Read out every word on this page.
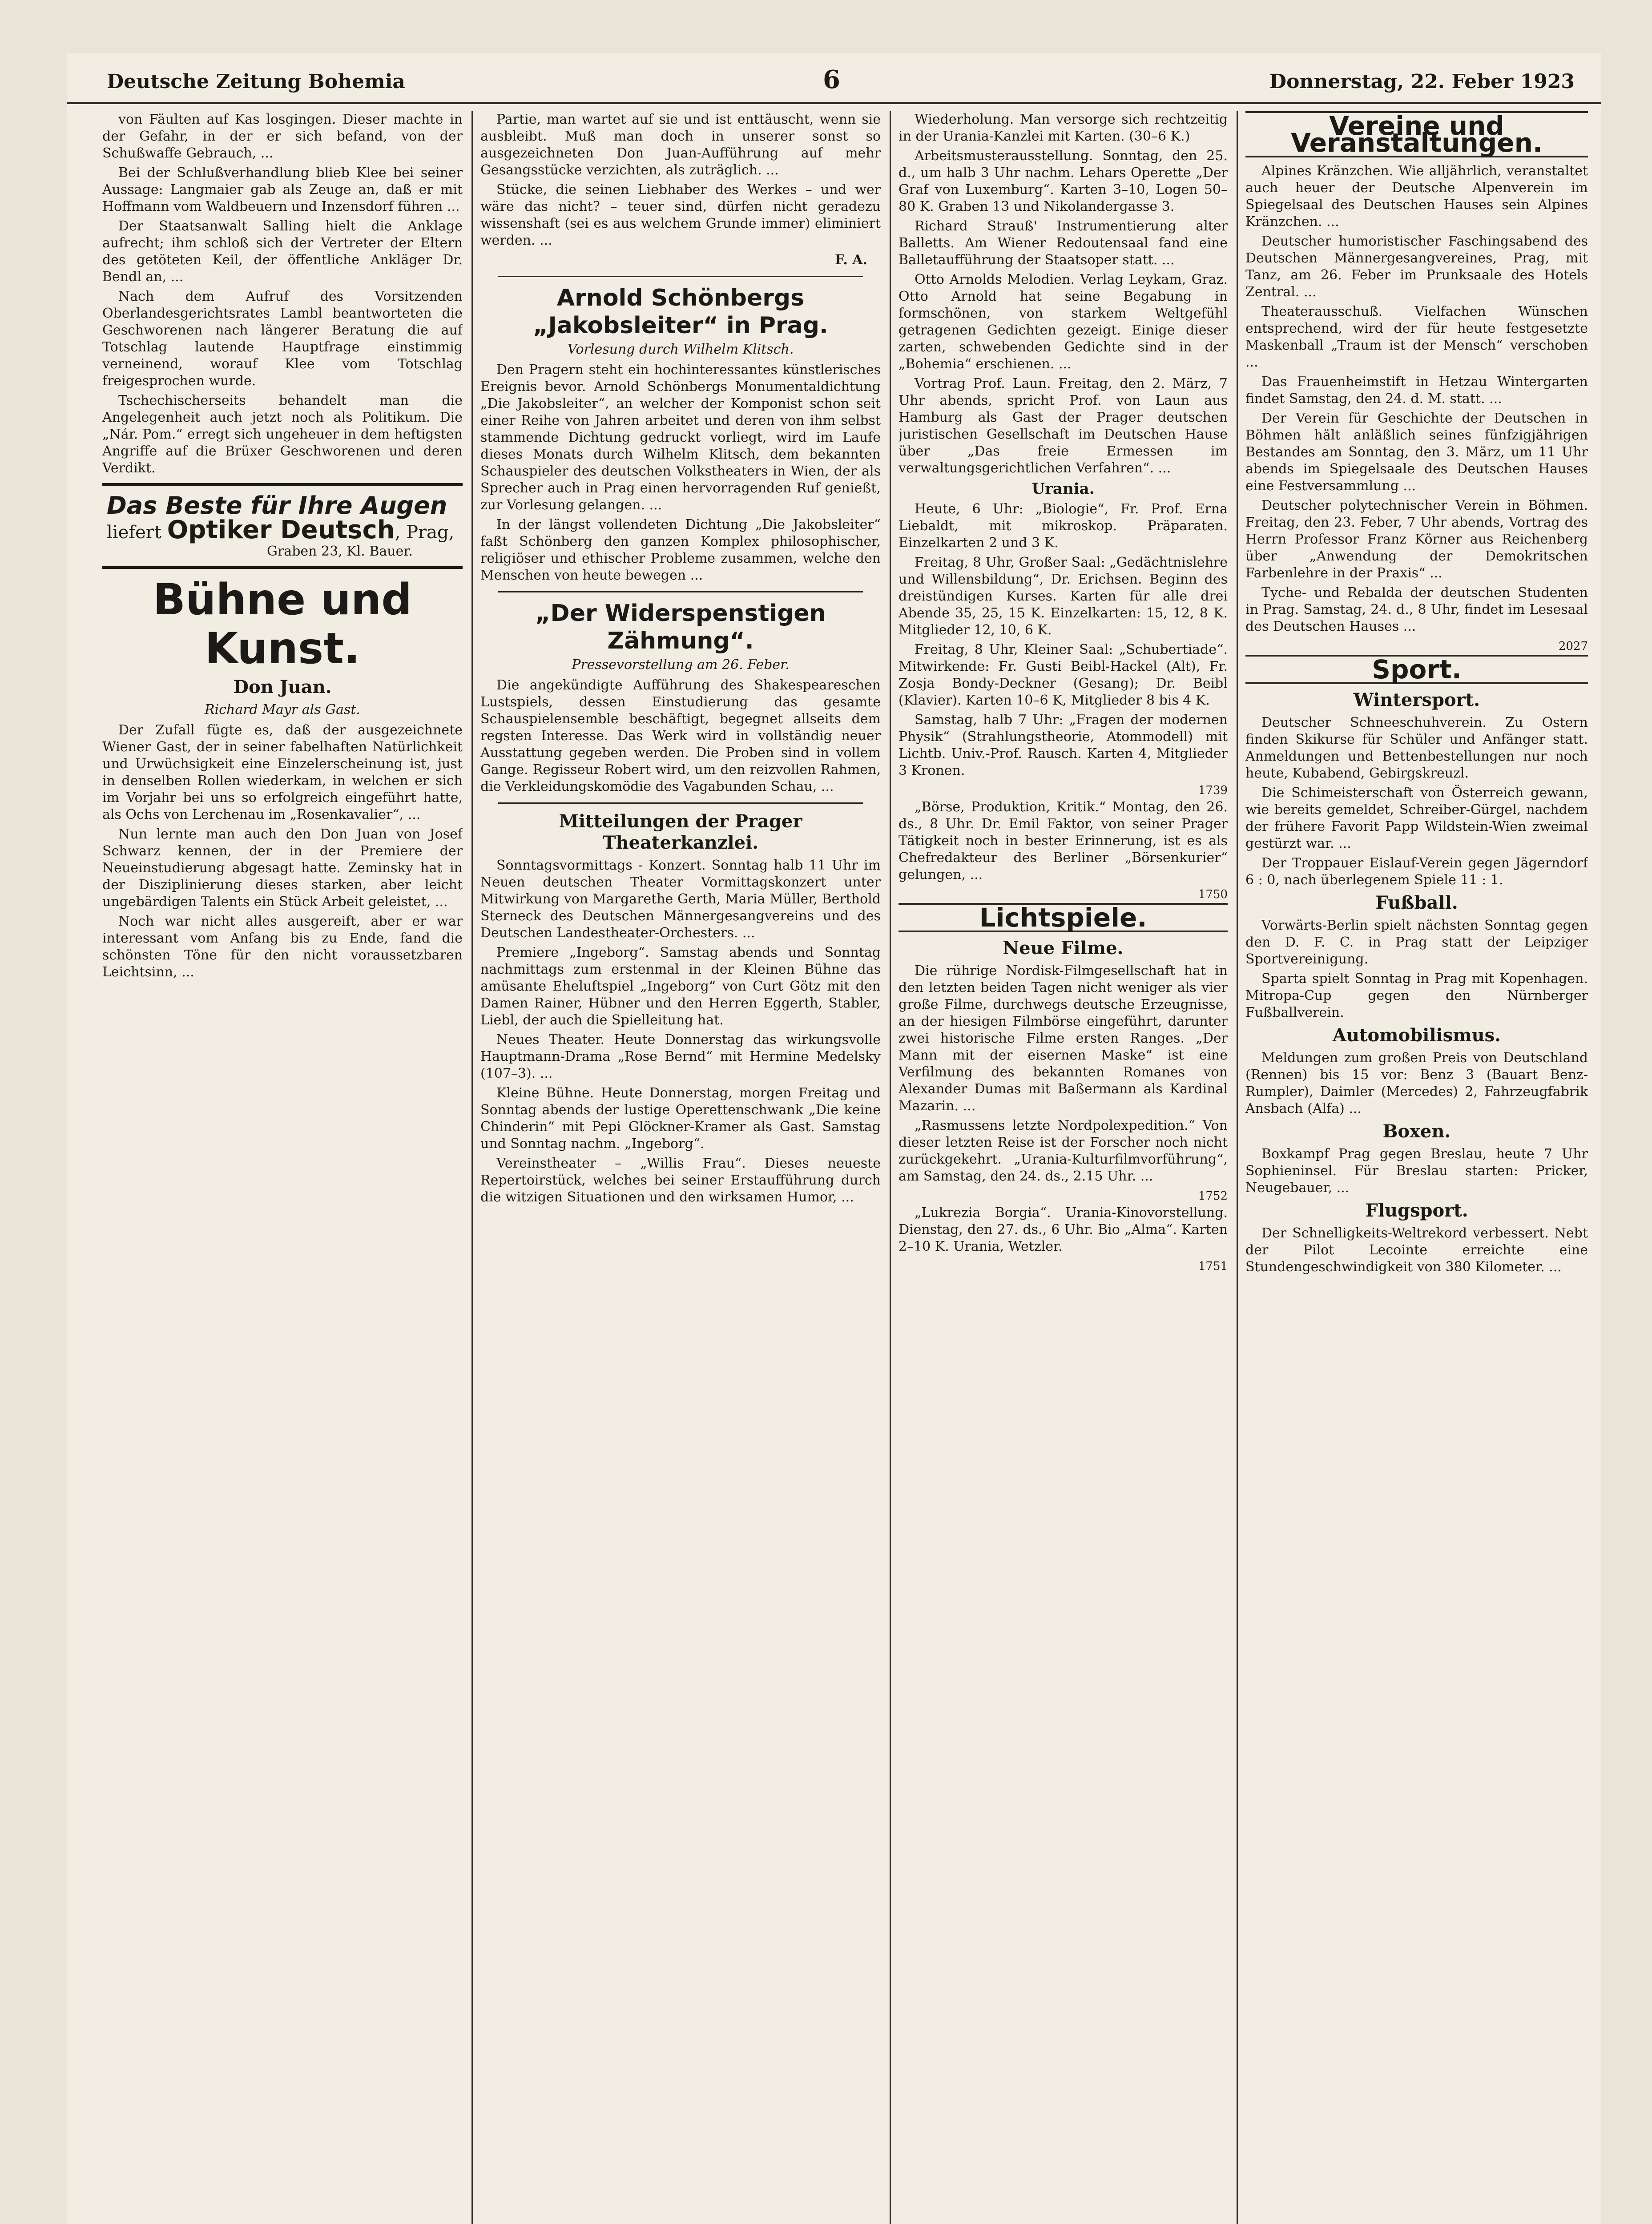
Deutsche Zeitung Bohemia	6	Donnerstag, 22. Feber 1923

von Fäulten auf Kas losgingen. Dieser machte in der Gefahr, in der er sich befand, von der Schußwaffe Gebrauch, ...

Bei der Schlußverhandlung blieb Klee bei seiner Aussage: Langmaier gab als Zeuge an, daß er mit Hoffmann vom Waldbeuern und Inzensdorf führen ...

Der Staatsanwalt Salling hielt die Anklage aufrecht; ihm schloß sich der Vertreter der Eltern des getöteten Keil, der öffentliche Ankläger Dr. Bendl an, ...

Nach dem Aufruf des Vorsitzenden Oberlandesgerichtsrates Lambl beantworteten die Geschworenen nach längerer Beratung die auf Totschlag lautende Hauptfrage einstimmig verneinend, worauf Klee vom Totschlag freigesprochen wurde.

Tschechischerseits behandelt man die Angelegenheit auch jetzt noch als Politikum. Die „Nár. Pom.“ erregt sich ungeheuer in dem heftigsten Angriffe auf die Brüxer Geschworenen und deren Verdikt.

Das Beste für Ihre Augen
liefert Optiker Deutsch, Prag,
Graben 23, Kl. Bauer.
Bühne und Kunst.
Don Juan.
Richard Mayr als Gast.

Der Zufall fügte es, daß der ausgezeichnete Wiener Gast, der in seiner fabelhaften Natürlichkeit und Urwüchsigkeit eine Einzelerscheinung ist, just in denselben Rollen wiederkam, in welchen er sich im Vorjahr bei uns so erfolgreich eingeführt hatte, als Ochs von Lerchenau im „Rosenkavalier“, ...

Nun lernte man auch den Don Juan von Josef Schwarz kennen, der in der Premiere der Neueinstudierung abgesagt hatte. Zeminsky hat in der Disziplinierung dieses starken, aber leicht ungebärdigen Talents ein Stück Arbeit geleistet, ...

Noch war nicht alles ausgereift, aber er war interessant vom Anfang bis zu Ende, fand die schönsten Töne für den nicht voraussetzbaren Leichtsinn, ...

Partie, man wartet auf sie und ist enttäuscht, wenn sie ausbleibt. Muß man doch in unserer sonst so ausgezeichneten Don Juan-Aufführung auf mehr Gesangsstücke verzichten, als zuträglich. ...

Stücke, die seinen Liebhaber des Werkes – und wer wäre das nicht? – teuer sind, dürfen nicht geradezu wissenshaft (sei es aus welchem Grunde immer) eliminiert werden. ...

F. A.
Arnold Schönbergs „Jakobsleiter“ in Prag.
Vorlesung durch Wilhelm Klitsch.

Den Pragern steht ein hochinteressantes künstlerisches Ereignis bevor. Arnold Schönbergs Monumentaldichtung „Die Jakobsleiter“, an welcher der Komponist schon seit einer Reihe von Jahren arbeitet und deren von ihm selbst stammende Dichtung gedruckt vorliegt, wird im Laufe dieses Monats durch Wilhelm Klitsch, dem bekannten Schauspieler des deutschen Volkstheaters in Wien, der als Sprecher auch in Prag einen hervorragenden Ruf genießt, zur Vorlesung gelangen. ...

In der längst vollendeten Dichtung „Die Jakobsleiter“ faßt Schönberg den ganzen Komplex philosophischer, religiöser und ethischer Probleme zusammen, welche den Menschen von heute bewegen ...

„Der Widerspenstigen Zähmung“.
Pressevorstellung am 26. Feber.

Die angekündigte Aufführung des Shakespeareschen Lustspiels, dessen Einstudierung das gesamte Schauspielensemble beschäftigt, begegnet allseits dem regsten Interesse. Das Werk wird in vollständig neuer Ausstattung gegeben werden. Die Proben sind in vollem Gange. Regisseur Robert wird, um den reizvollen Rahmen, die Verkleidungskomödie des Vagabunden Schau, ...

Mitteilungen der Prager Theaterkanzlei.

Sonntagsvormittags - Konzert. Sonntag halb 11 Uhr im Neuen deutschen Theater Vormittagskonzert unter Mitwirkung von Margarethe Gerth, Maria Müller, Berthold Sterneck des Deutschen Männergesangvereins und des Deutschen Landestheater-Orchesters. ...

Premiere „Ingeborg“. Samstag abends und Sonntag nachmittags zum erstenmal in der Kleinen Bühne das amüsante Eheluftspiel „Ingeborg“ von Curt Götz mit den Damen Rainer, Hübner und den Herren Eggerth, Stabler, Liebl, der auch die Spielleitung hat.

Neues Theater. Heute Donnerstag das wirkungsvolle Hauptmann-Drama „Rose Bernd“ mit Hermine Medelsky (107–3). ...

Kleine Bühne. Heute Donnerstag, morgen Freitag und Sonntag abends der lustige Operettenschwank „Die keine Chinderin“ mit Pepi Glöckner-Kramer als Gast. Samstag und Sonntag nachm. „Ingeborg“.

Vereinstheater – „Willis Frau“. Dieses neueste Repertoirstück, welches bei seiner Erstaufführung durch die witzigen Situationen und den wirksamen Humor, ...

Wiederholung. Man versorge sich rechtzeitig in der Urania-Kanzlei mit Karten. (30–6 K.)

Arbeitsmusterausstellung. Sonntag, den 25. d., um halb 3 Uhr nachm. Lehars Operette „Der Graf von Luxemburg“. Karten 3–10, Logen 50–80 K. Graben 13 und Nikolandergasse 3.

Richard Strauß' Instrumentierung alter Balletts. Am Wiener Redoutensaal fand eine Balletaufführung der Staatsoper statt. ...

Otto Arnolds Melodien. Verlag Leykam, Graz. Otto Arnold hat seine Begabung in formschönen, von starkem Weltgefühl getragenen Gedichten gezeigt. Einige dieser zarten, schwebenden Gedichte sind in der „Bohemia“ erschienen. ...

Vortrag Prof. Laun. Freitag, den 2. März, 7 Uhr abends, spricht Prof. von Laun aus Hamburg als Gast der Prager deutschen juristischen Gesellschaft im Deutschen Hause über „Das freie Ermessen im verwaltungsgerichtlichen Verfahren“. ...

Urania.

Heute, 6 Uhr: „Biologie“, Fr. Prof. Erna Liebaldt, mit mikroskop. Präparaten. Einzelkarten 2 und 3 K.

Freitag, 8 Uhr, Großer Saal: „Gedächtnislehre und Willensbildung“, Dr. Erichsen. Beginn des dreistündigen Kurses. Karten für alle drei Abende 35, 25, 15 K. Einzelkarten: 15, 12, 8 K. Mitglieder 12, 10, 6 K.

Freitag, 8 Uhr, Kleiner Saal: „Schubertiade“. Mitwirkende: Fr. Gusti Beibl-Hackel (Alt), Fr. Zosja Bondy-Deckner (Gesang); Dr. Beibl (Klavier). Karten 10–6 K, Mitglieder 8 bis 4 K.

Samstag, halb 7 Uhr: „Fragen der modernen Physik“ (Strahlungstheorie, Atommodell) mit Lichtb. Univ.-Prof. Rausch. Karten 4, Mitglieder 3 Kronen.

1739

„Börse, Produktion, Kritik.“ Montag, den 26. ds., 8 Uhr. Dr. Emil Faktor, von seiner Prager Tätigkeit noch in bester Erinnerung, ist es als Chefredakteur des Berliner „Börsenkurier“ gelungen, ...

1750
Lichtspiele.
Neue Filme.

Die rührige Nordisk-Filmgesellschaft hat in den letzten beiden Tagen nicht weniger als vier große Filme, durchwegs deutsche Erzeugnisse, an der hiesigen Filmbörse eingeführt, darunter zwei historische Filme ersten Ranges. „Der Mann mit der eisernen Maske“ ist eine Verfilmung des bekannten Romanes von Alexander Dumas mit Baßermann als Kardinal Mazarin. ...

„Rasmussens letzte Nordpolexpedition.“ Von dieser letzten Reise ist der Forscher noch nicht zurückgekehrt. „Urania-Kulturfilmvorführung“, am Samstag, den 24. ds., 2.15 Uhr. ...

1752

„Lukrezia Borgia“. Urania-Kinovorstellung. Dienstag, den 27. ds., 6 Uhr. Bio „Alma“. Karten 2–10 K. Urania, Wetzler.

1751
Vereine und Veranstaltungen.

Alpines Kränzchen. Wie alljährlich, veranstaltet auch heuer der Deutsche Alpenverein im Spiegelsaal des Deutschen Hauses sein Alpines Kränzchen. ...

Deutscher humoristischer Faschingsabend des Deutschen Männergesangvereines, Prag, mit Tanz, am 26. Feber im Prunksaale des Hotels Zentral. ...

Theaterausschuß. Vielfachen Wünschen entsprechend, wird der für heute festgesetzte Maskenball „Traum ist der Mensch“ verschoben ...

Das Frauenheimstift in Hetzau Wintergarten findet Samstag, den 24. d. M. statt. ...

Der Verein für Geschichte der Deutschen in Böhmen hält anläßlich seines fünfzigjährigen Bestandes am Sonntag, den 3. März, um 11 Uhr abends im Spiegelsaale des Deutschen Hauses eine Festversammlung ...

Deutscher polytechnischer Verein in Böhmen. Freitag, den 23. Feber, 7 Uhr abends, Vortrag des Herrn Professor Franz Körner aus Reichenberg über „Anwendung der Demokritschen Farbenlehre in der Praxis“ ...

Tyche- und Rebalda der deutschen Studenten in Prag. Samstag, 24. d., 8 Uhr, findet im Lesesaal des Deutschen Hauses ...

2027
Sport.
Wintersport.

Deutscher Schneeschuhverein. Zu Ostern finden Skikurse für Schüler und Anfänger statt. Anmeldungen und Bettenbestellungen nur noch heute, Kubabend, Gebirgskreuzl.

Die Schimeisterschaft von Österreich gewann, wie bereits gemeldet, Schreiber-Gürgel, nachdem der frühere Favorit Papp Wildstein-Wien zweimal gestürzt war. ...

Der Troppauer Eislauf-Verein gegen Jägerndorf 6 : 0, nach überlegenem Spiele 11 : 1.

Fußball.

Vorwärts-Berlin spielt nächsten Sonntag gegen den D. F. C. in Prag statt der Leipziger Sportvereinigung.

Sparta spielt Sonntag in Prag mit Kopenhagen. Mitropa-Cup gegen den Nürnberger Fußballverein.

Automobilismus.

Meldungen zum großen Preis von Deutschland (Rennen) bis 15 vor: Benz 3 (Bauart Benz-Rumpler), Daimler (Mercedes) 2, Fahrzeugfabrik Ansbach (Alfa) ...

Boxen.

Boxkampf Prag gegen Breslau, heute 7 Uhr Sophieninsel. Für Breslau starten: Pricker, Neugebauer, ...

Flugsport.

Der Schnelligkeits-Weltrekord verbessert. Nebt der Pilot Lecointe erreichte eine Stundengeschwindigkeit von 380 Kilometer. ...
